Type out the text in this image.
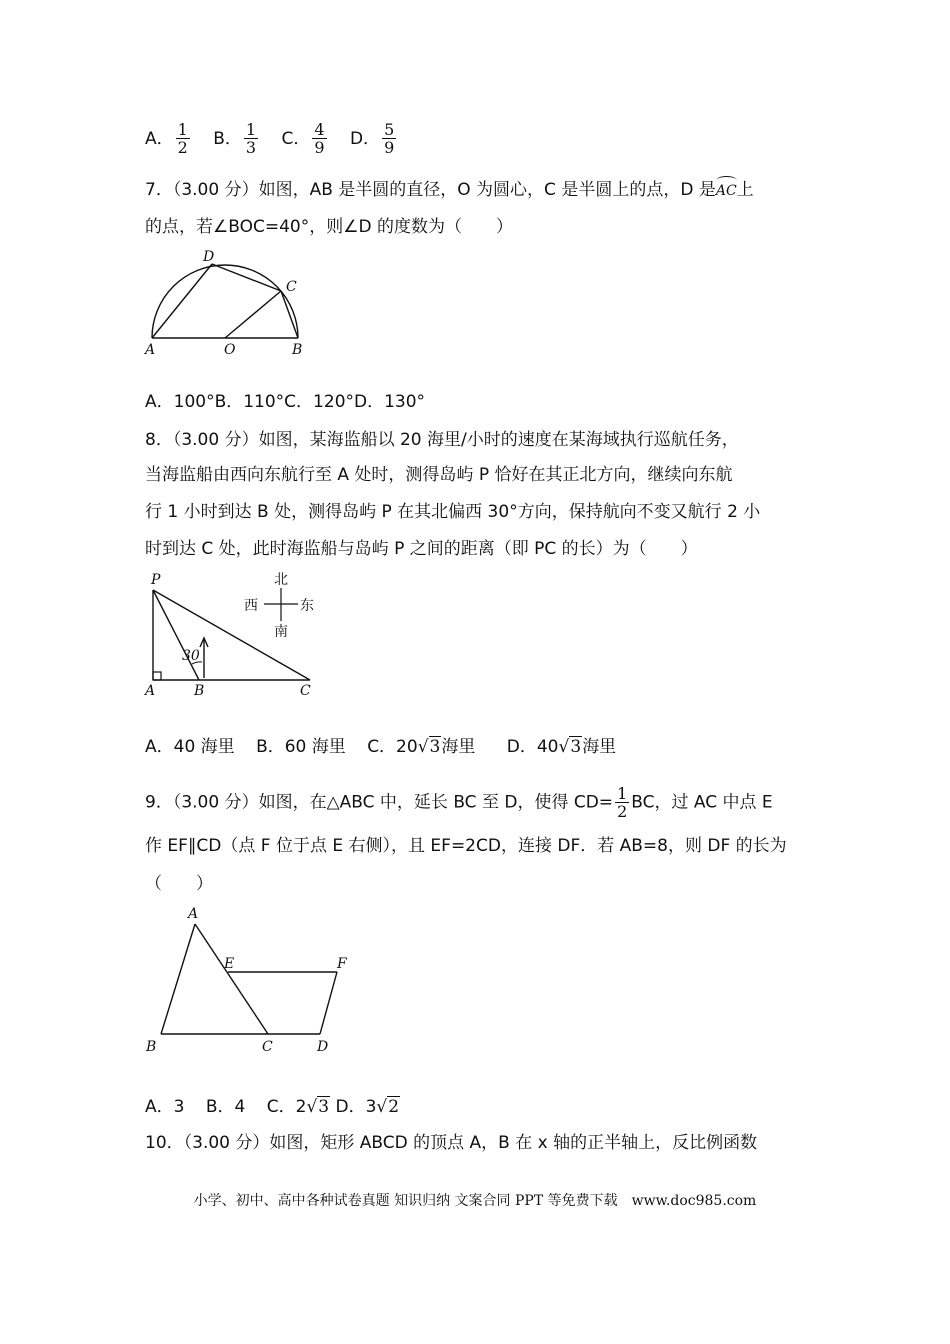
A． $\frac{1}{2}$ B． $\frac{1}{3}$ C． $\frac{4}{9}$ D． $\frac{5}{9}$
7．（3.00 分）如图，AB 是半圆的直径，O 为圆心，C 是半圆上的点，D 是AC上
的点，若∠BOC=40°，则∠D 的度数为（　　）
A	O	B
C
D
A．100°B．110°C．120°D．130°
8．（3.00 分）如图，某海监船以 20 海里/小时的速度在某海域执行巡航任务，
当海监船由西向东航行至 A 处时，测得岛屿 P 恰好在其正北方向，继续向东航
行 1 小时到达 B 处，测得岛屿 P 在其北偏西 30°方向，保持航向不变又航行 2 小
时到达 C 处，此时海监船与岛屿 P 之间的距离（即 PC 的长）为（　　）
30
P
A	B	C
北
南
西	东
A．40 海里 B．60 海里 C．20√3海里 D．40√3海里
9．（3.00 分）如图，在△ABC 中，延长 BC 至 D，使得 $CD= \frac{1}{2}$ BC，过 AC 中点 E
作 EF∥CD（点 F 位于点 E 右侧），且 EF=2CD，连接 DF．若 AB=8，则 DF 的长为
（　　）
A
B	C	D
E	F
A．3 B．4 C．2√3 D．3√2
10．（3.00 分）如图，矩形 ABCD 的顶点 A，B 在 x 轴的正半轴上，反比例函数
小学、初中、高中各种试卷真题 知识归纳 文案合同 PPT 等免费下载　www.doc985.com
